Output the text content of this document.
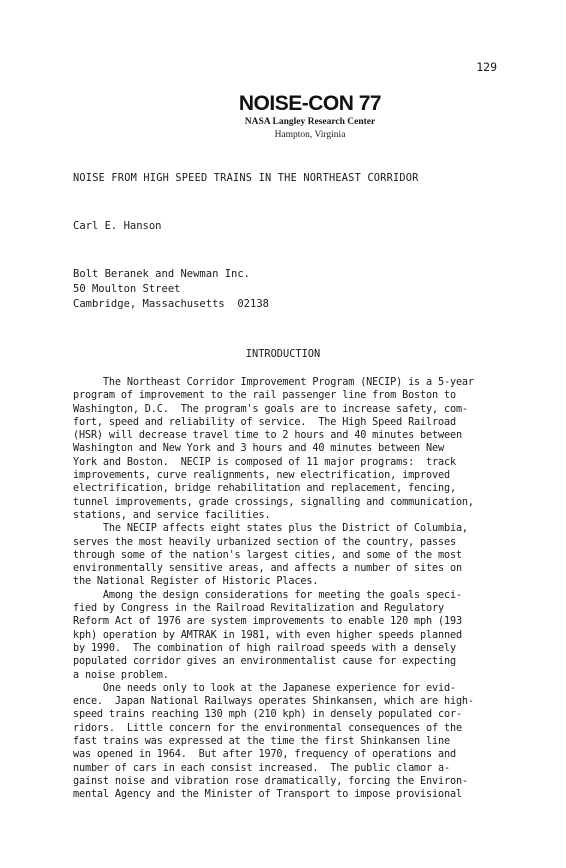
129
NOISE-CON 77
NASA Langley Research Center
Hampton, Virginia
NOISE FROM HIGH SPEED TRAINS IN THE NORTHEAST CORRIDOR
Carl E. Hanson
Bolt Beranek and Newman Inc.
50 Moulton Street
Cambridge, Massachusetts  02138
INTRODUCTION
The Northeast Corridor Improvement Program (NECIP) is a 5-year
program of improvement to the rail passenger line from Boston to
Washington, D.C.  The program's goals are to increase safety, com-
fort, speed and reliability of service.  The High Speed Railroad
(HSR) will decrease travel time to 2 hours and 40 minutes between
Washington and New York and 3 hours and 40 minutes between New
York and Boston.  NECIP is composed of 11 major programs:  track
improvements, curve realignments, new electrification, improved
electrification, bridge rehabilitation and replacement, fencing,
tunnel improvements, grade crossings, signalling and communication,
stations, and service facilities.
The NECIP affects eight states plus the District of Columbia,
serves the most heavily urbanized section of the country, passes
through some of the nation's largest cities, and some of the most
environmentally sensitive areas, and affects a number of sites on
the National Register of Historic Places.
Among the design considerations for meeting the goals speci-
fied by Congress in the Railroad Revitalization and Regulatory
Reform Act of 1976 are system improvements to enable 120 mph (193
kph) operation by AMTRAK in 1981, with even higher speeds planned
by 1990.  The combination of high railroad speeds with a densely
populated corridor gives an environmentalist cause for expecting
a noise problem.
One needs only to look at the Japanese experience for evid-
ence.  Japan National Railways operates Shinkansen, which are high-
speed trains reaching 130 mph (210 kph) in densely populated cor-
ridors.  Little concern for the environmental consequences of the
fast trains was expressed at the time the first Shinkansen line
was opened in 1964.  But after 1970, frequency of operations and
number of cars in each consist increased.  The public clamor a-
gainst noise and vibration rose dramatically, forcing the Environ-
mental Agency and the Minister of Transport to impose provisional
